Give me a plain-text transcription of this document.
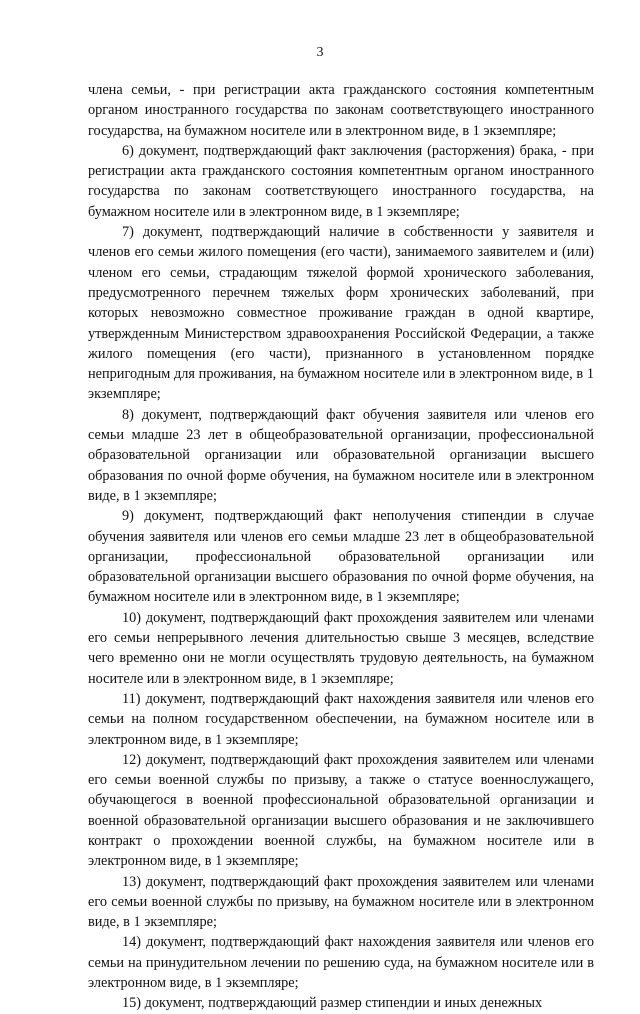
3

члена семьи, - при регистрации акта гражданского состояния компетентным органом иностранного государства по законам соответствующего иностранного государства, на бумажном носителе или в электронном виде, в 1 экземпляре;

6) документ, подтверждающий факт заключения (расторжения) брака, - при регистрации акта гражданского состояния компетентным органом иностранного государства по законам соответствующего иностранного государства, на бумажном носителе или в электронном виде, в 1 экземпляре;

7) документ, подтверждающий наличие в собственности у заявителя и членов его семьи жилого помещения (его части), занимаемого заявителем и (или) членом его семьи, страдающим тяжелой формой хронического заболевания, предусмотренного перечнем тяжелых форм хронических заболеваний, при которых невозможно совместное проживание граждан в одной квартире, утвержденным Министерством здравоохранения Российской Федерации, а также жилого помещения (его части), признанного в установленном порядке непригодным для проживания, на бумажном носителе или в электронном виде, в 1 экземпляре;

8) документ, подтверждающий факт обучения заявителя или членов его семьи младше 23 лет в общеобразовательной организации, профессиональной образовательной организации или образовательной организации высшего образования по очной форме обучения, на бумажном носителе или в электронном виде, в 1 экземпляре;

9) документ, подтверждающий факт неполучения стипендии в случае обучения заявителя или членов его семьи младше 23 лет в общеобразовательной организации, профессиональной образовательной организации или образовательной организации высшего образования по очной форме обучения, на бумажном носителе или в электронном виде, в 1 экземпляре;

10) документ, подтверждающий факт прохождения заявителем или членами его семьи непрерывного лечения длительностью свыше 3 месяцев, вследствие чего временно они не могли осуществлять трудовую деятельность, на бумажном носителе или в электронном виде, в 1 экземпляре;

11) документ, подтверждающий факт нахождения заявителя или членов его семьи на полном государственном обеспечении, на бумажном носителе или в электронном виде, в 1 экземпляре;

12) документ, подтверждающий факт прохождения заявителем или членами его семьи военной службы по призыву, а также о статусе военнослужащего, обучающегося в военной профессиональной образовательной организации и военной образовательной организации высшего образования и не заключившего контракт о прохождении военной службы, на бумажном носителе или в электронном виде, в 1 экземпляре;

13) документ, подтверждающий факт прохождения заявителем или членами его семьи военной службы по призыву, на бумажном носителе или в электронном виде, в 1 экземпляре;

14) документ, подтверждающий факт нахождения заявителя или членов его семьи на принудительном лечении по решению суда, на бумажном носителе или в электронном виде, в 1 экземпляре;

15) документ, подтверждающий размер стипендии и иных денежных
